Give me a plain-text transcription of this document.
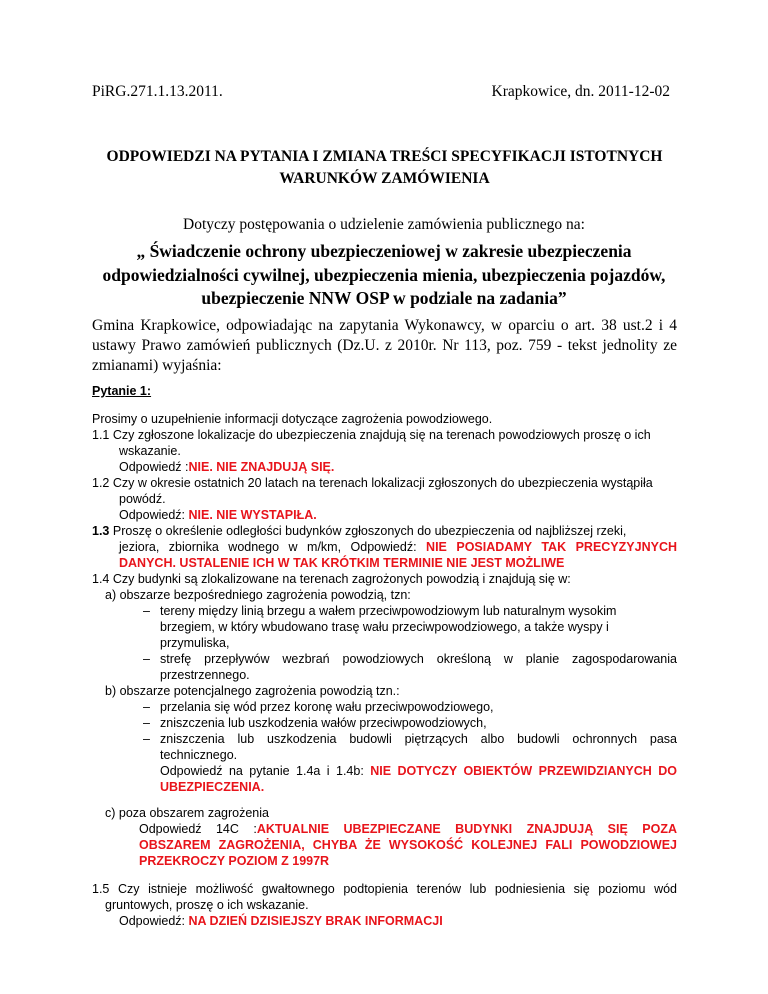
PiRG.271.1.13.2011.	Krapkowice, dn. 2011-12-02
ODPOWIEDZI NA PYTANIA I ZMIANA TREŚCI SPECYFIKACJI ISTOTNYCH
WARUNKÓW ZAMÓWIENIA
Dotyczy postępowania o udzielenie zamówienia publicznego na:
„ Świadczenie ochrony ubezpieczeniowej w zakresie ubezpieczenia
odpowiedzialności cywilnej, ubezpieczenia mienia, ubezpieczenia pojazdów,
ubezpieczenie NNW OSP w podziale na zadania”
Gmina Krapkowice, odpowiadając na zapytania Wykonawcy, w oparciu o art. 38 ust.2 i 4 ustawy Prawo zamówień publicznych (Dz.U. z 2010r. Nr 113, poz. 759 - tekst jednolity ze zmianami) wyjaśnia:
Pytanie 1:
Prosimy o uzupełnienie informacji dotyczące zagrożenia powodziowego.
1.1 Czy zgłoszone lokalizacje do ubezpieczenia znajdują się na terenach powodziowych proszę o ich
wskazanie.
Odpowiedź :NIE. NIE ZNAJDUJĄ SIĘ.
1.2 Czy w okresie ostatnich 20 latach na terenach lokalizacji zgłoszonych do ubezpieczenia wystąpiła
powódź.
Odpowiedź: NIE. NIE WYSTAPIŁA.
1.3 Proszę o określenie odległości budynków zgłoszonych do ubezpieczenia od najbliższej rzeki,
jeziora, zbiornika wodnego w m/km, Odpowiedź: NIE POSIADAMY TAK PRECYZYJNYCH
DANYCH. USTALENIE ICH W TAK KRÓTKIM TERMINIE NIE JEST MOŻLIWE
1.4 Czy budynki są zlokalizowane na terenach zagrożonych powodzią i znajdują się w:
a) obszarze bezpośredniego zagrożenia powodzią, tzn:
– tereny między linią brzegu a wałem przeciwpowodziowym lub naturalnym wysokim
brzegiem, w który wbudowano trasę wału przeciwpowodziowego, a także wyspy i
przymuliska,
– strefę przepływów wezbrań powodziowych określoną w planie zagospodarowania
przestrzennego.
b) obszarze potencjalnego zagrożenia powodzią tzn.:
– przelania się wód przez koronę wału przeciwpowodziowego,
– zniszczenia lub uszkodzenia wałów przeciwpowodziowych,
– zniszczenia lub uszkodzenia budowli piętrzących albo budowli ochronnych pasa
technicznego.
Odpowiedź na pytanie 1.4a i 1.4b: NIE DOTYCZY OBIEKTÓW PRZEWIDZIANYCH DO
UBEZPIECZENIA.
c) poza obszarem zagrożenia
Odpowiedź 14C :AKTUALNIE UBEZPIECZANE BUDYNKI ZNAJDUJĄ SIĘ POZA
OBSZAREM ZAGROŻENIA, CHYBA ŻE WYSOKOŚĆ KOLEJNEJ FALI POWODZIOWEJ
PRZEKROCZY POZIOM Z 1997R
1.5 Czy istnieje możliwość gwałtownego podtopienia terenów lub podniesienia się poziomu wód
gruntowych, proszę o ich wskazanie.
Odpowiedź: NA DZIEŃ DZISIEJSZY BRAK INFORMACJI
